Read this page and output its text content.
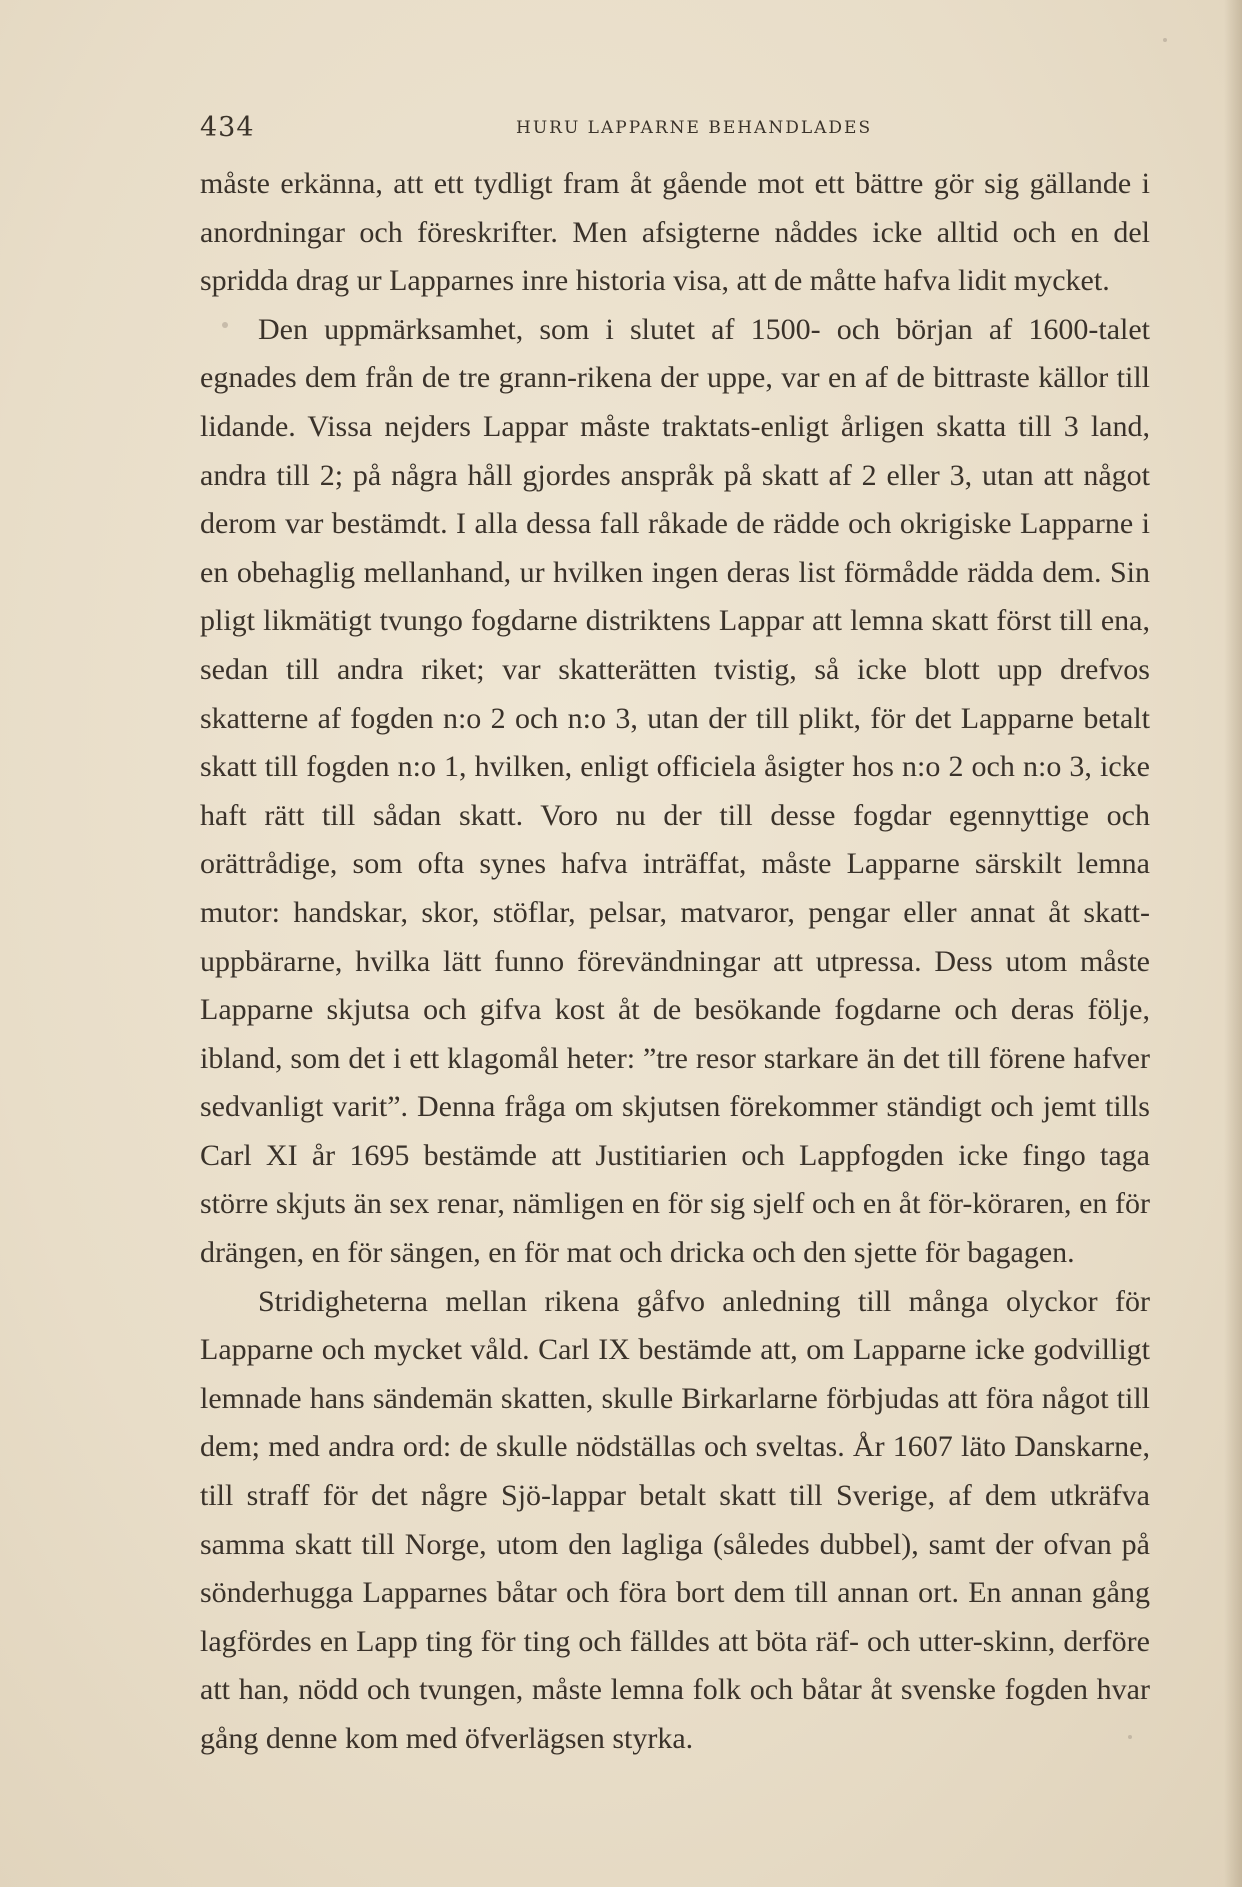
434	HURU LAPPARNE BEHANDLADES

måste erkänna, att ett tydligt fram åt gående mot ett bättre gör sig gällande i anordningar och föreskrifter. Men afsigterne nåddes icke alltid och en del spridda drag ur Lapparnes inre historia visa, att de måtte hafva lidit mycket.

Den uppmärksamhet, som i slutet af 1500- och början af 1600-talet egnades dem från de tre grann-rikena der uppe, var en af de bittraste källor till lidande. Vissa nejders Lappar måste traktats-enligt årligen skatta till 3 land, andra till 2; på några håll gjordes anspråk på skatt af 2 eller 3, utan att något derom var bestämdt. I alla dessa fall råkade de rädde och okrigiske Lapparne i en obehaglig mellanhand, ur hvilken ingen deras list förmådde rädda dem. Sin pligt likmätigt tvungo fogdarne distriktens Lappar att lemna skatt först till ena, sedan till andra riket; var skatterätten tvistig, så icke blott upp drefvos skatterne af fogden n:o 2 och n:o 3, utan der till plikt, för det Lapparne betalt skatt till fogden n:o 1, hvilken, enligt officiela åsigter hos n:o 2 och n:o 3, icke haft rätt till sådan skatt. Voro nu der till desse fogdar egennyttige och orättrådige, som ofta synes hafva inträffat, måste Lapparne särskilt lemna mutor: handskar, skor, stöflar, pelsar, matvaror, pengar eller annat åt skatt-uppbärarne, hvilka lätt funno förevändningar att utpressa. Dess utom måste Lapparne skjutsa och gifva kost åt de besökande fogdarne och deras följe, ibland, som det i ett klagomål heter: ”tre resor starkare än det till förene hafver sedvanligt varit”. Denna fråga om skjutsen förekommer ständigt och jemt tills Carl XI år 1695 bestämde att Justitiarien och Lappfogden icke fingo taga större skjuts än sex renar, nämligen en för sig sjelf och en åt för-köraren, en för drängen, en för sängen, en för mat och dricka och den sjette för bagagen.

Stridigheterna mellan rikena gåfvo anledning till många olyckor för Lapparne och mycket våld. Carl IX bestämde att, om Lapparne icke godvilligt lemnade hans sändemän skatten, skulle Birkarlarne förbjudas att föra något till dem; med andra ord: de skulle nödställas och sveltas. År 1607 läto Danskarne, till straff för det någre Sjö-lappar betalt skatt till Sverige, af dem utkräfva samma skatt till Norge, utom den lagliga (således dubbel), samt der ofvan på sönderhugga Lapparnes båtar och föra bort dem till annan ort. En annan gång lagfördes en Lapp ting för ting och fälldes att böta räf- och utter-skinn, derföre att han, nödd och tvungen, måste lemna folk och båtar åt svenske fogden hvar gång denne kom med öfverlägsen styrka.
